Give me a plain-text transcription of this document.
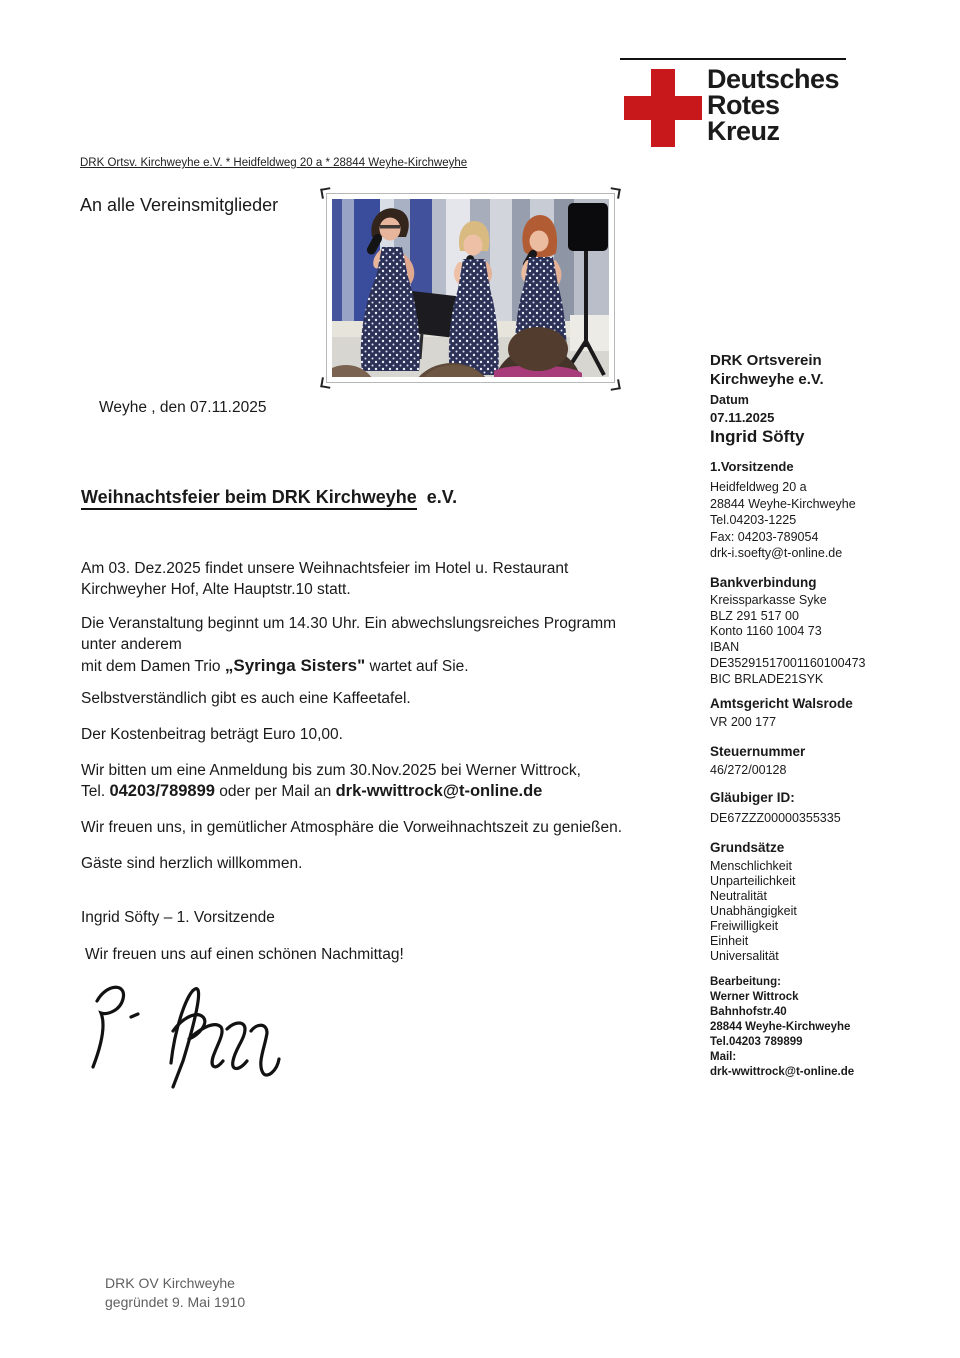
Deutsches
Rotes
Kreuz
DRK Ortsv. Kirchweyhe e.V. * Heidfeldweg 20 a * 28844 Weyhe-Kirchweyhe
An alle Vereinsmitglieder
Weyhe , den 07.11.2025
Weihnachtsfeier beim DRK Kirchweyhe  e.V.
Am 03. Dez.2025 findet unsere Weihnachtsfeier im Hotel u. Restaurant
Kirchweyher Hof, Alte Hauptstr.10 statt.
Die Veranstaltung beginnt um 14.30 Uhr. Ein abwechslungsreiches Programm
unter anderem
mit dem Damen Trio „Syringa Sisters" wartet auf Sie.
Selbstverständlich gibt es auch eine Kaffeetafel.
Der Kostenbeitrag beträgt Euro 10,00.
Wir bitten um eine Anmeldung bis zum 30.Nov.2025 bei Werner Wittrock,
Tel. 04203/789899 oder per Mail an drk-wwittrock@t-online.de
Wir freuen uns, in gemütlicher Atmosphäre die Vorweihnachtszeit zu genießen.
Gäste sind herzlich willkommen.
Ingrid Söfty – 1. Vorsitzende
Wir freuen uns auf einen schönen Nachmittag!
DRK Ortsverein
Kirchweyhe e.V.
Datum
07.11.2025
Ingrid Söfty
1.Vorsitzende
Heidfeldweg 20 a
28844 Weyhe-Kirchweyhe
Tel.04203-1225
Fax: 04203-789054
drk-i.soefty@t-online.de
Bankverbindung
Kreissparkasse Syke
BLZ 291 517 00
Konto 1160 1004 73
IBAN
DE35291517001160100473
BIC BRLADE21SYK
Amtsgericht Walsrode
VR 200 177
Steuernummer
46/272/00128
Gläubiger ID:
DE67ZZZ00000355335
Grundsätze
Menschlichkeit
Unparteilichkeit
Neutralität
Unabhängigkeit
Freiwilligkeit
Einheit
Universalität
Bearbeitung:
Werner Wittrock
Bahnhofstr.40
28844 Weyhe-Kirchweyhe
Tel.04203 789899
Mail:
drk-wwittrock@t-online.de
DRK OV Kirchweyhe
gegründet 9. Mai 1910
